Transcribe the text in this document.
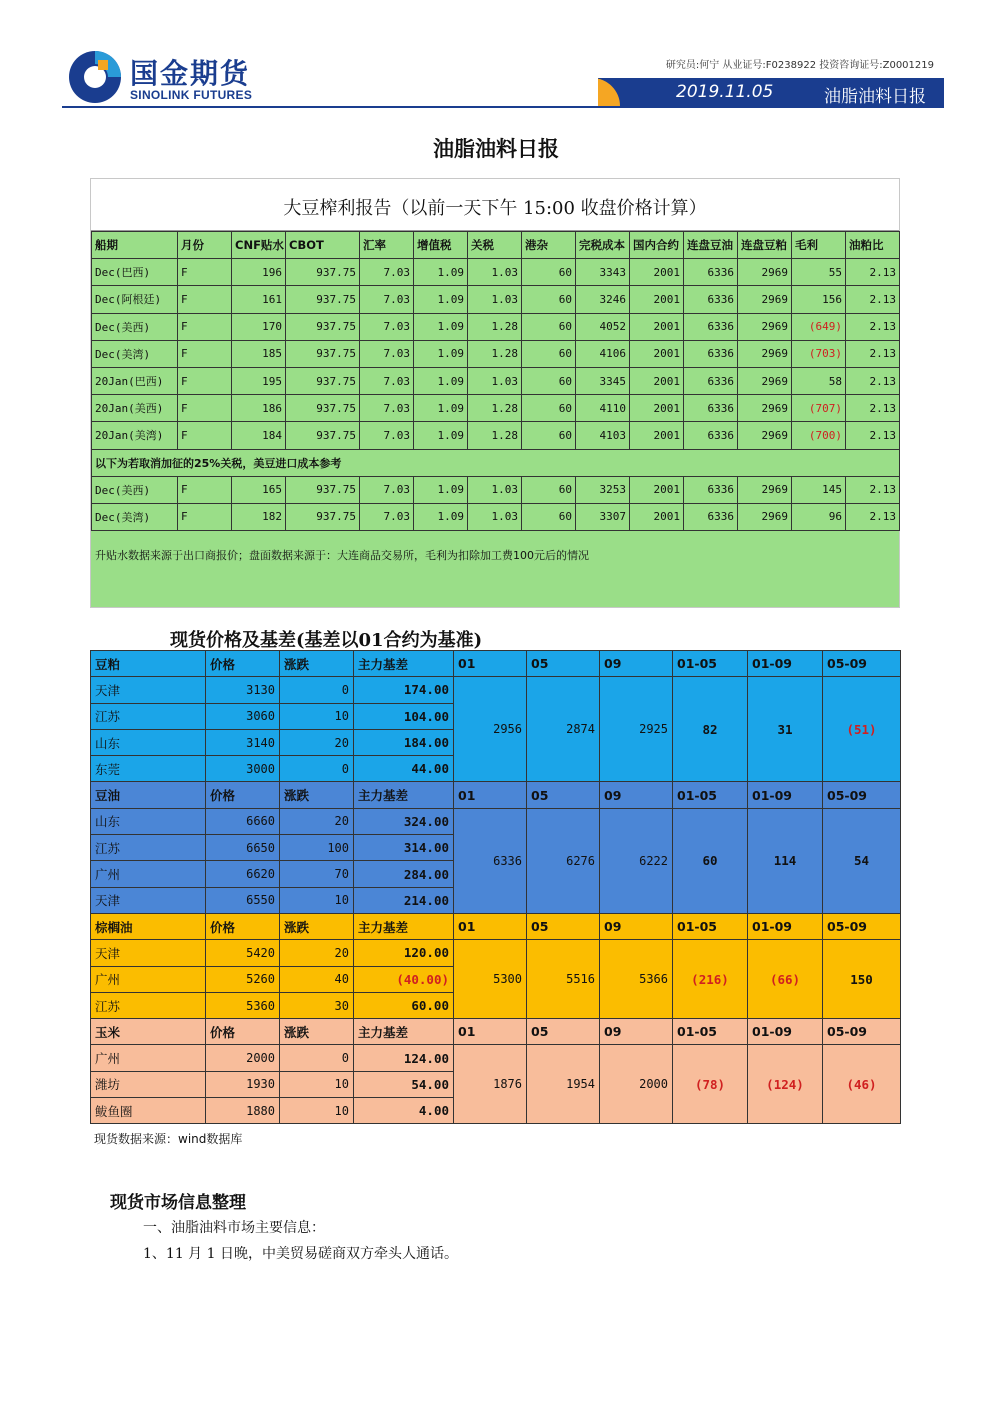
国金期货
SINOLINK FUTURES
研究员:何宁 从业证号:F0238922 投资咨询证号:Z0001219
2019.11.05	油脂油料日报
油脂油料日报
大豆榨利报告（以前一天下午 15:00 收盘价格计算）
船期	月份	CNF贴水	CBOT	汇率	增值税	关税	港杂	完税成本	国内合约	连盘豆油	连盘豆粕	毛利	油粕比
Dec(巴西)	F	196	937.75	7.03	1.09	1.03	60	3343	2001	6336	2969	55	2.13
Dec(阿根廷)	F	161	937.75	7.03	1.09	1.03	60	3246	2001	6336	2969	156	2.13
Dec(美西)	F	170	937.75	7.03	1.09	1.28	60	4052	2001	6336	2969	(649)	2.13
Dec(美湾)	F	185	937.75	7.03	1.09	1.28	60	4106	2001	6336	2969	(703)	2.13
20Jan(巴西)	F	195	937.75	7.03	1.09	1.03	60	3345	2001	6336	2969	58	2.13
20Jan(美西)	F	186	937.75	7.03	1.09	1.28	60	4110	2001	6336	2969	(707)	2.13
20Jan(美湾)	F	184	937.75	7.03	1.09	1.28	60	4103	2001	6336	2969	(700)	2.13
以下为若取消加征的25%关税，美豆进口成本参考													
Dec(美西)	F	165	937.75	7.03	1.09	1.03	60	3253	2001	6336	2969	145	2.13
Dec(美湾)	F	182	937.75	7.03	1.09	1.03	60	3307	2001	6336	2969	96	2.13
升贴水数据来源于出口商报价；盘面数据来源于：大连商品交易所，毛利为扣除加工费100元后的情况
现货价格及基差(基差以01合约为基准)
豆粕	价格	涨跌	主力基差	01	05	09	01-05	01-09	05-09
天津	3130	0	174.00	2956	2874	2925	82	31	(51)
江苏	3060	10	104.00						
山东	3140	20	184.00						
东莞	3000	0	44.00						
豆油	价格	涨跌	主力基差	01	05	09	01-05	01-09	05-09
山东	6660	20	324.00	6336	6276	6222	60	114	54
江苏	6650	100	314.00						
广州	6620	70	284.00						
天津	6550	10	214.00						
棕榈油	价格	涨跌	主力基差	01	05	09	01-05	01-09	05-09
天津	5420	20	120.00	5300	5516	5366	(216)	(66)	150
广州	5260	40	(40.00)						
江苏	5360	30	60.00						
玉米	价格	涨跌	主力基差	01	05	09	01-05	01-09	05-09
广州	2000	0	124.00	1876	1954	2000	(78)	(124)	(46)
潍坊	1930	10	54.00						
鲅鱼圈	1880	10	4.00						
现货数据来源：wind数据库
现货市场信息整理
一、油脂油料市场主要信息：
1、11 月 1 日晚，中美贸易磋商双方牵头人通话。
